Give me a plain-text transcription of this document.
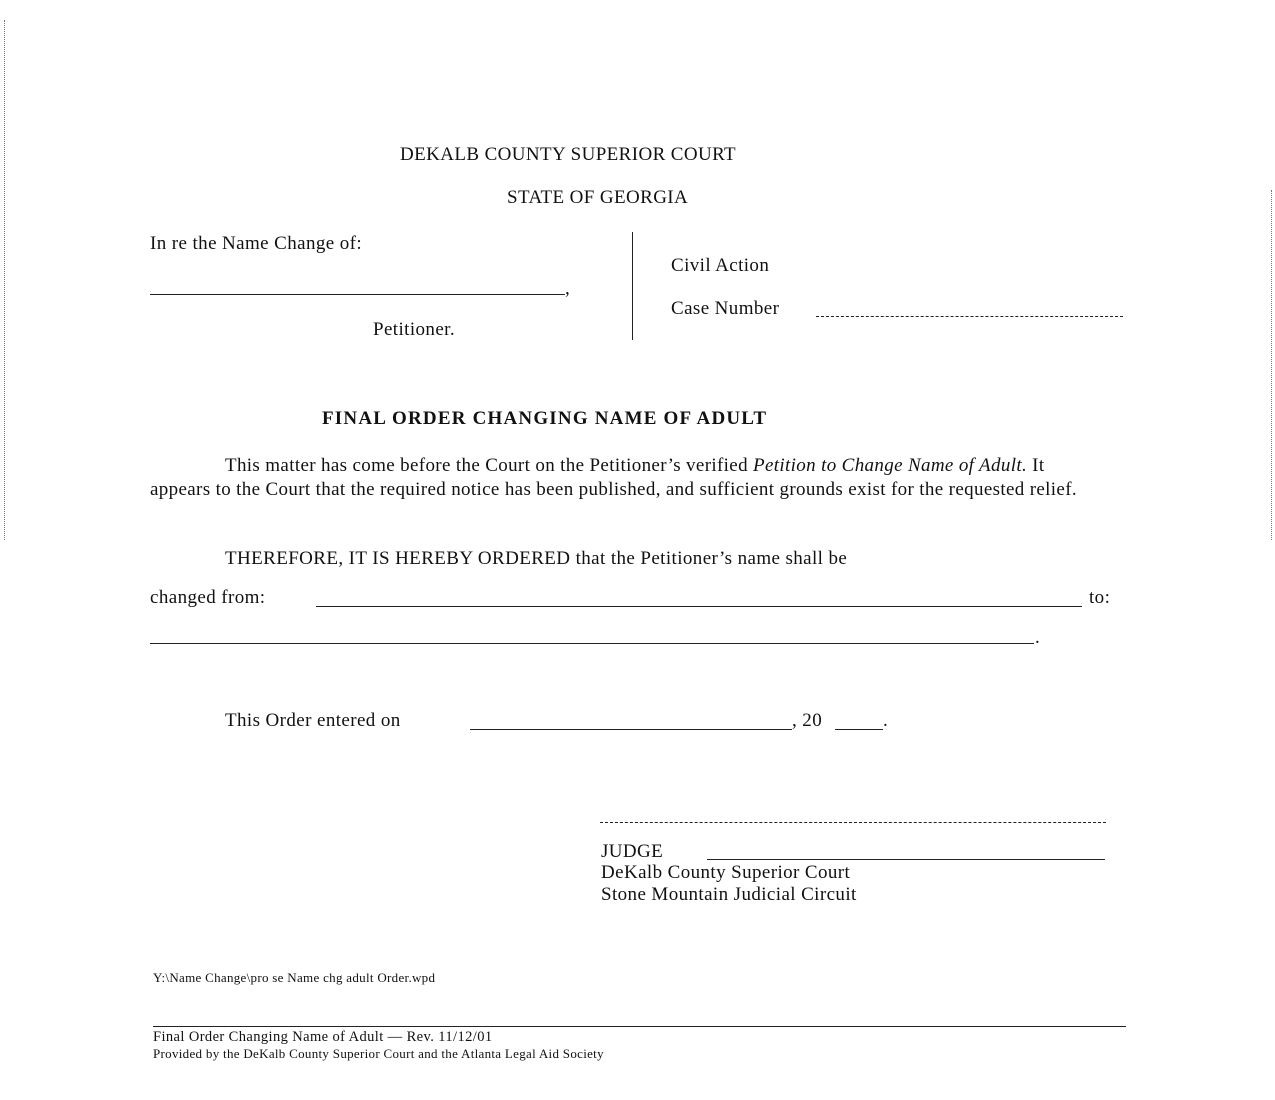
DEKALB COUNTY SUPERIOR COURT
STATE OF GEORGIA
In re the Name Change of:
,
Petitioner.
Civil Action
Case Number
FINAL ORDER CHANGING NAME OF ADULT
This matter has come before the Court on the Petitioner’s verified Petition to Change Name of Adult. It appears to the Court that the required notice has been published, and sufficient grounds exist for the requested relief.
THEREFORE, IT IS HEREBY ORDERED that the Petitioner’s name shall be
changed from:	to:
.
This Order entered on	, 20	.
JUDGE
DeKalb County Superior Court
Stone Mountain Judicial Circuit
Y:\Name Change\pro se Name chg adult Order.wpd
Final Order Changing Name of Adult — Rev. 11/12/01
Provided by the DeKalb County Superior Court and the Atlanta Legal Aid Society
